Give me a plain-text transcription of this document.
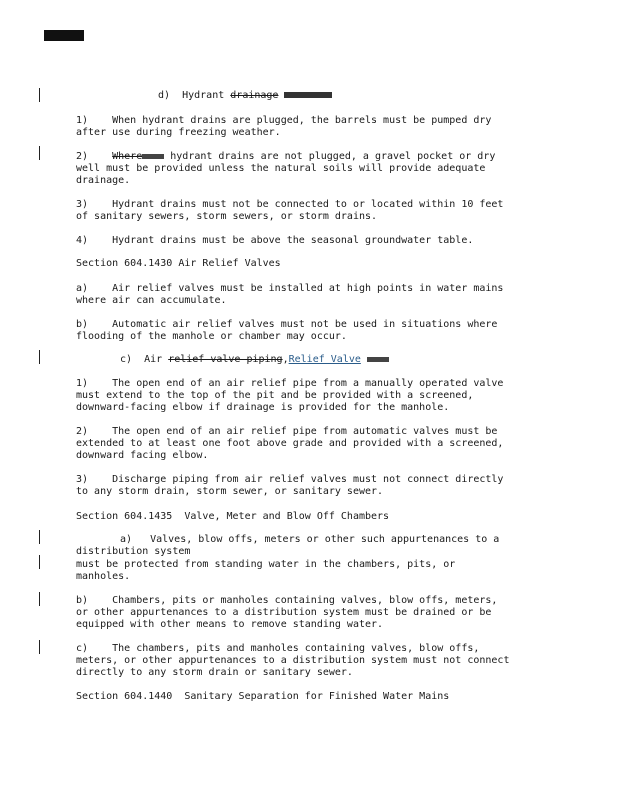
d) Hydrant drainage

1)    When hydrant drains are plugged, the barrels must be pumped dry

after use during freezing weather.

2)    Where hydrant drains are not plugged, a gravel pocket or dry

well must be provided unless the natural soils will provide adequate

drainage.

3)    Hydrant drains must not be connected to or located within 10 feet

of sanitary sewers, storm sewers, or storm drains.

4)    Hydrant drains must be above the seasonal groundwater table.

Section 604.1430 Air Relief Valves

a)    Air relief valves must be installed at high points in water mains

where air can accumulate.

b)    Automatic air relief valves must not be used in situations where

flooding of the manhole or chamber may occur.

c) Air relief valve piping,Relief Valve

1)    The open end of an air relief pipe from a manually operated valve

must extend to the top of the pit and be provided with a screened,

downward-facing elbow if drainage is provided for the manhole.

2)    The open end of an air relief pipe from automatic valves must be

extended to at least one foot above grade and provided with a screened,

downward facing elbow.

3)    Discharge piping from air relief valves must not connect directly

to any storm drain, storm sewer, or sanitary sewer.

Section 604.1435  Valve, Meter and Blow Off Chambers

a)   Valves, blow offs, meters or other such appurtenances to a

distribution system

must be protected from standing water in the chambers, pits, or

manholes.

b)    Chambers, pits or manholes containing valves, blow offs, meters,

or other appurtenances to a distribution system must be drained or be

equipped with other means to remove standing water.

c)    The chambers, pits and manholes containing valves, blow offs,

meters, or other appurtenances to a distribution system must not connect

directly to any storm drain or sanitary sewer.

Section 604.1440  Sanitary Separation for Finished Water Mains
